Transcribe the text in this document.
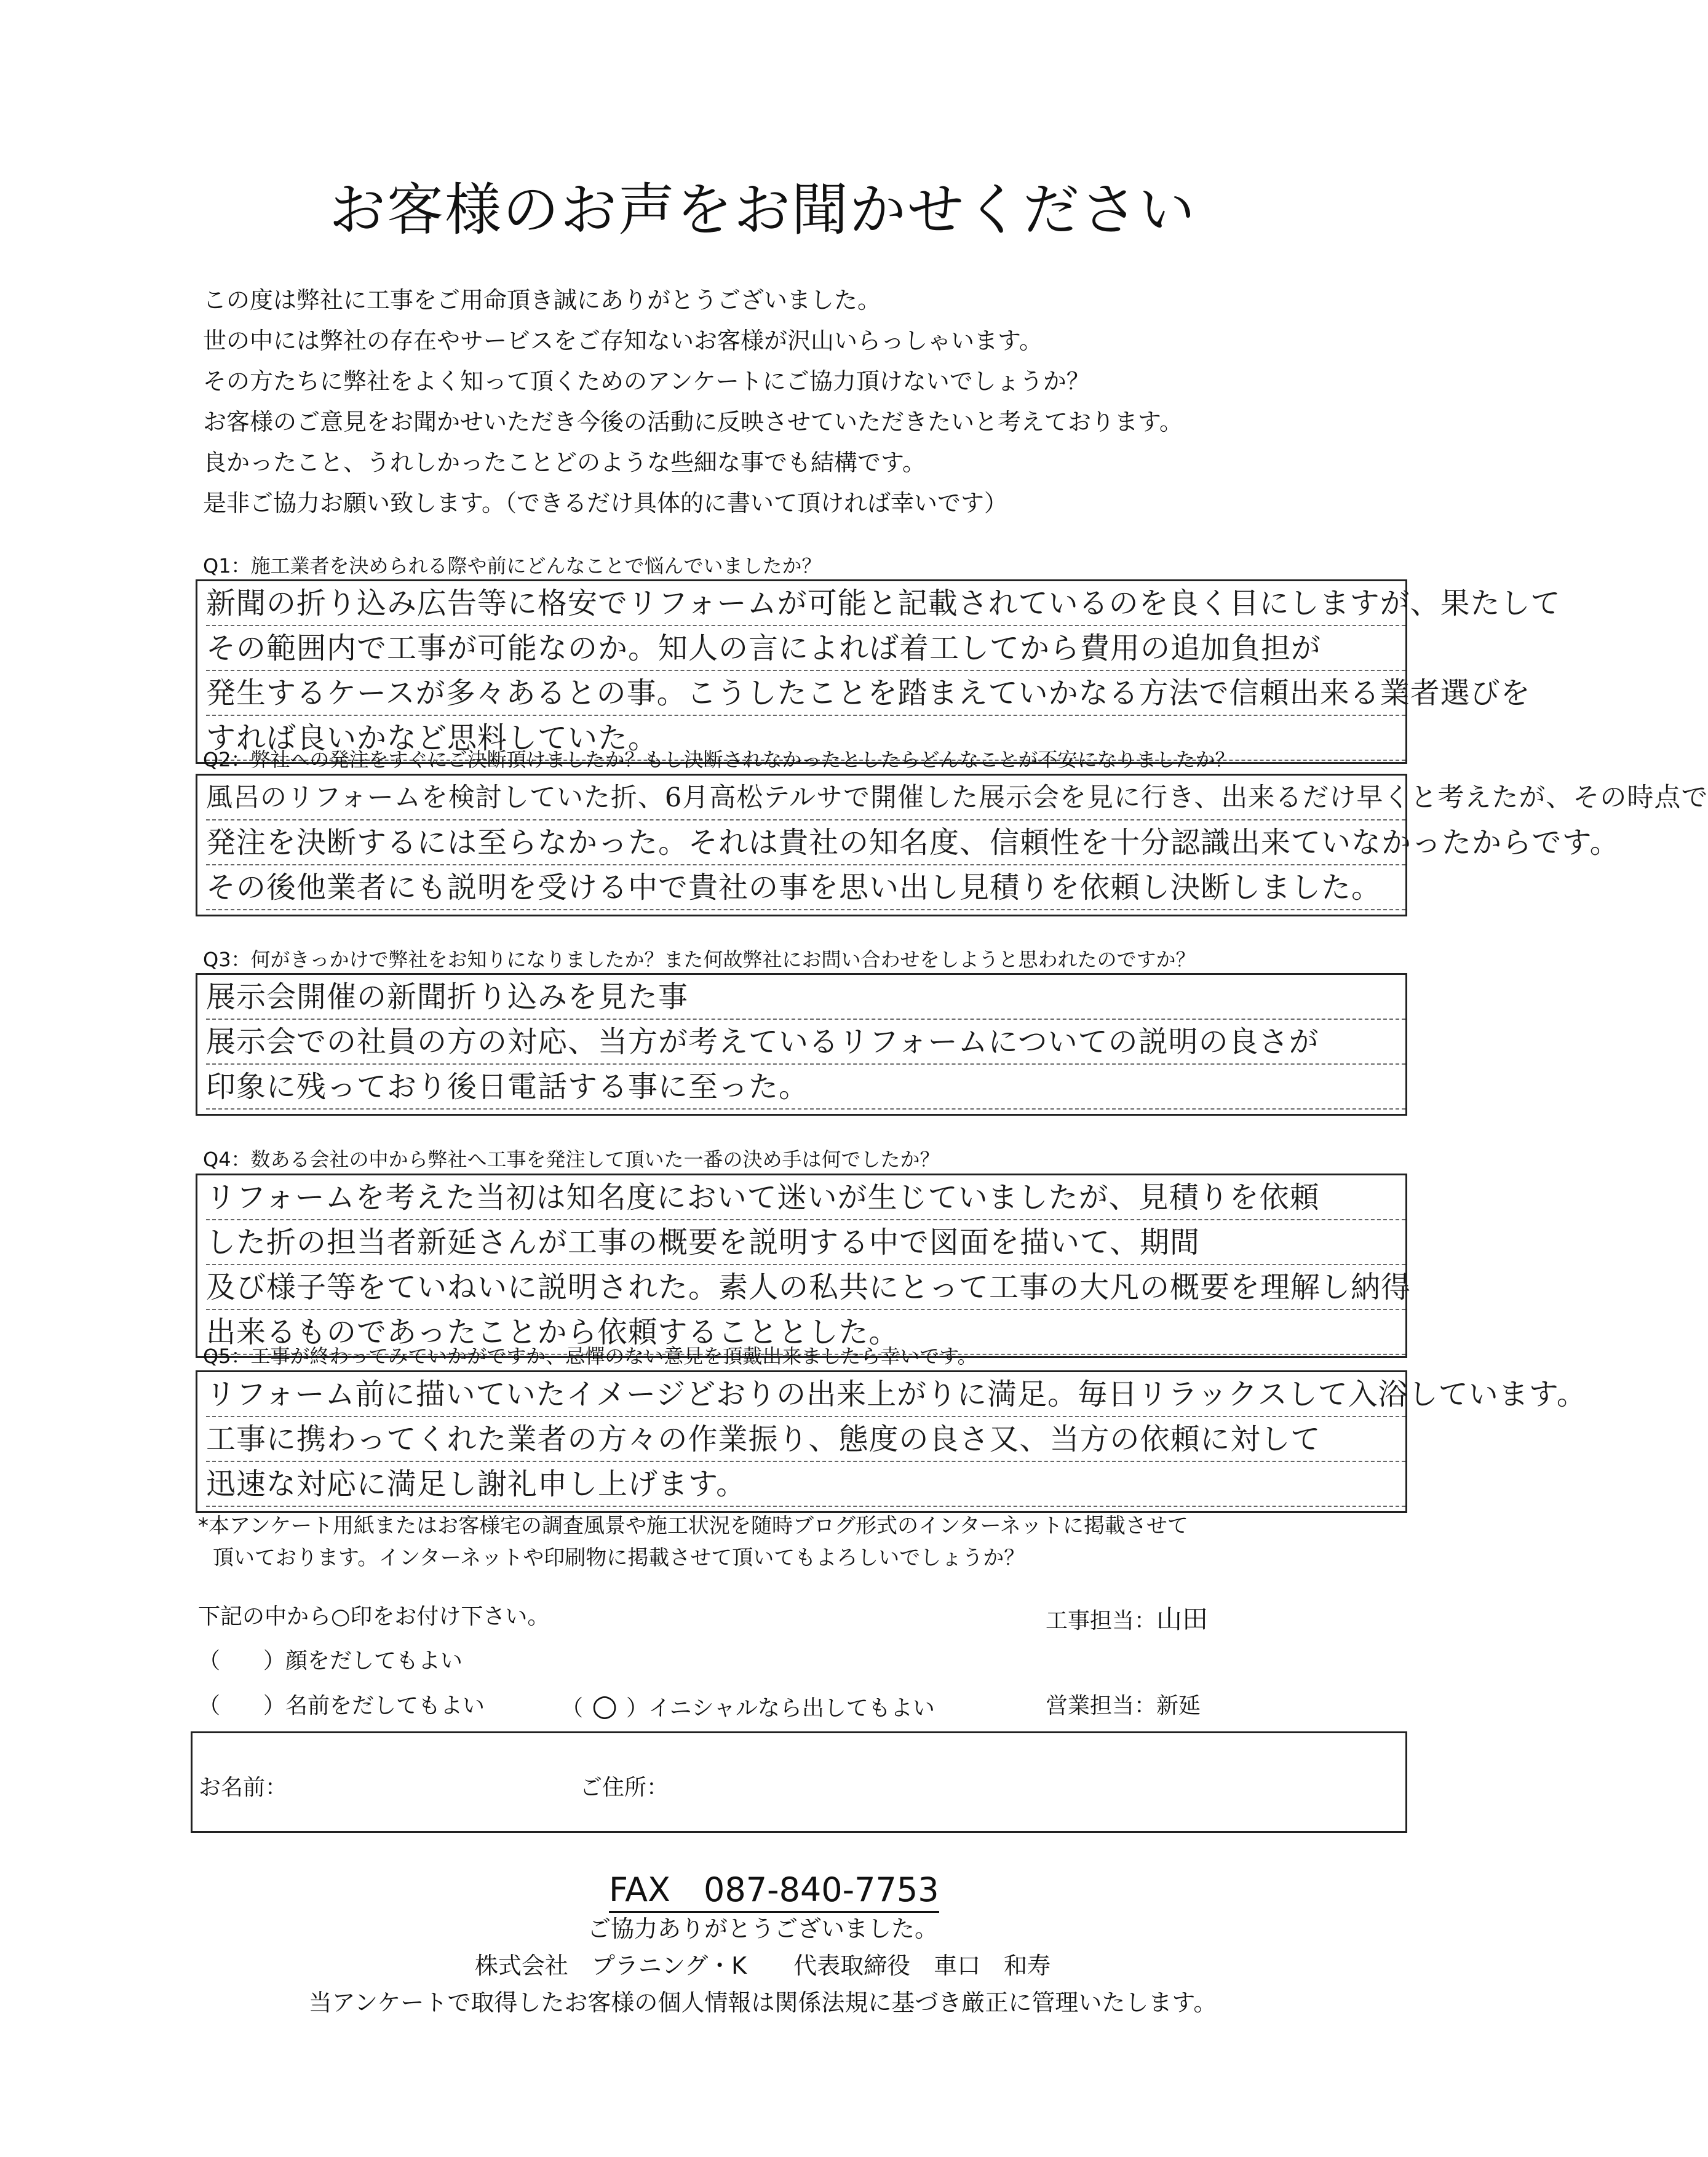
お客様のお声をお聞かせください
この度は弊社に工事をご用命頂き誠にありがとうございました。
世の中には弊社の存在やサービスをご存知ないお客様が沢山いらっしゃいます。
その方たちに弊社をよく知って頂くためのアンケートにご協力頂けないでしょうか？
お客様のご意見をお聞かせいただき今後の活動に反映させていただきたいと考えております。
良かったこと、うれしかったことどのような些細な事でも結構です。
是非ご協力お願い致します。（できるだけ具体的に書いて頂ければ幸いです）
Q1：施工業者を決められる際や前にどんなことで悩んでいましたか？
新聞の折り込み広告等に格安でリフォームが可能と記載されているのを良く目にしますが、果たして
その範囲内で工事が可能なのか。知人の言によれば着工してから費用の追加負担が
発生するケースが多々あるとの事。こうしたことを踏まえていかなる方法で信頼出来る業者選びを
すれば良いかなど思料していた。
Q2：弊社への発注をすぐにご決断頂けましたか？もし決断されなかったとしたらどんなことが不安になりましたか？
風呂のリフォームを検討していた折、6月高松テルサで開催した展示会を見に行き、出来るだけ早くと考えたが、その時点で
発注を決断するには至らなかった。それは貴社の知名度、信頼性を十分認識出来ていなかったからです。
その後他業者にも説明を受ける中で貴社の事を思い出し見積りを依頼し決断しました。
Q3：何がきっかけで弊社をお知りになりましたか？また何故弊社にお問い合わせをしようと思われたのですか？
展示会開催の新聞折り込みを見た事
展示会での社員の方の対応、当方が考えているリフォームについての説明の良さが
印象に残っており後日電話する事に至った。
Q4：数ある会社の中から弊社へ工事を発注して頂いた一番の決め手は何でしたか？
リフォームを考えた当初は知名度において迷いが生じていましたが、見積りを依頼
した折の担当者新延さんが工事の概要を説明する中で図面を描いて、期間
及び様子等をていねいに説明された。素人の私共にとって工事の大凡の概要を理解し納得
出来るものであったことから依頼することとした。
Q5：工事が終わってみていかがですか、忌憚のない意見を頂戴出来ましたら幸いです。
リフォーム前に描いていたイメージどおりの出来上がりに満足。毎日リラックスして入浴しています。
工事に携わってくれた業者の方々の作業振り、態度の良さ又、当方の依頼に対して
迅速な対応に満足し謝礼申し上げます。
*本アンケート用紙またはお客様宅の調査風景や施工状況を随時ブログ形式のインターネットに掲載させて
頂いております。インターネットや印刷物に掲載させて頂いてもよろしいでしょうか？
下記の中から○印をお付け下さい。
（ ）顔をだしてもよい
（ ）名前をだしてもよい	（ ○ ）イニシャルなら出してもよい
工事担当：山田
営業担当：新延
お名前：	ご住所：
FAX　087-840-7753
ご協力ありがとうございました。
株式会社　プラニング・K　　代表取締役　車口　和寿
当アンケートで取得したお客様の個人情報は関係法規に基づき厳正に管理いたします。
